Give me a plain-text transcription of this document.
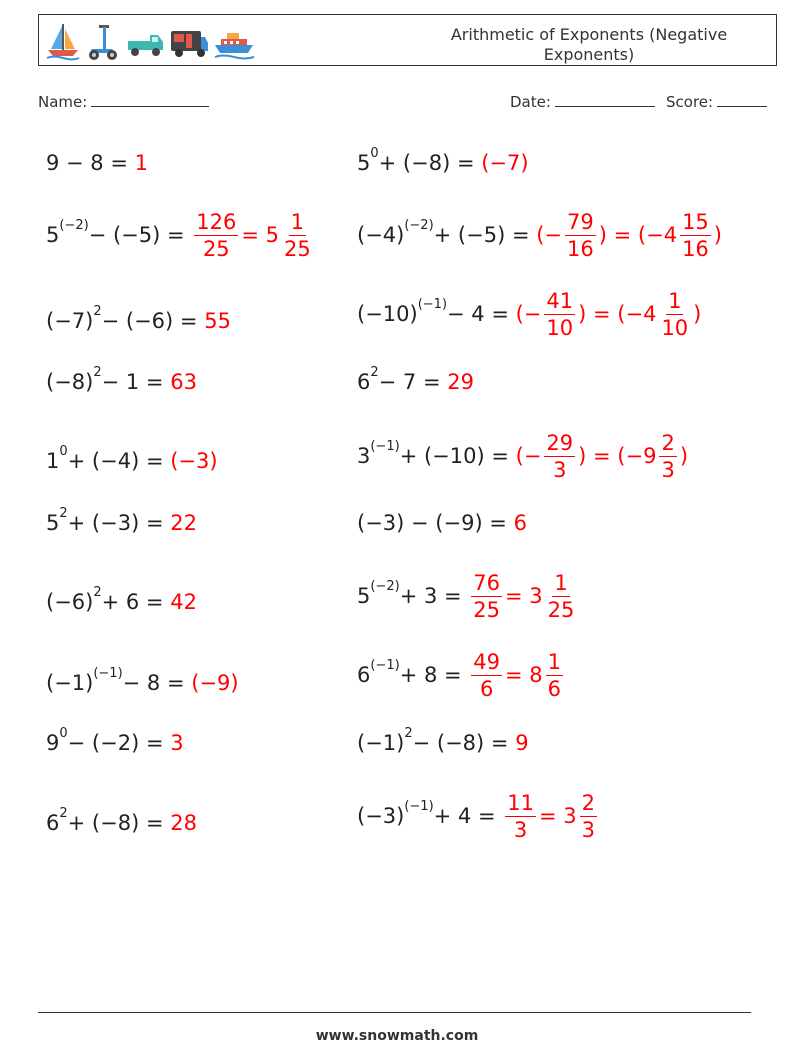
Arithmetic of Exponents (Negative Exponents)
Name:	Date:	Score:
9 − 8 =
1
$5^{(-2)} - (-5)$ =
$\frac{126}{25} = 5 \frac{1}{25}$
$(-7)^2 - (-6)$ =
55
$(-8)^2 - 1$ =
63
$1^0 + (-4)$ =
(−3)
$5^2 + (-3)$ =
22
$(-6)^2 + 6$ =
42
$(-1)^{(-1)} - 8$ =
(−9)
$9^0 - (-2)$ =
3
$6^2 + (-8)$ =
28
$5^0 + (-8)$ =
(−7)
$(-4)^{(-2)} + (-5)$ =
(− $\frac{79}{16}$ ) = ($-4 \frac{15}{16}$ )
$(-10)^{(-1)} - 4$ =
(− $\frac{41}{10}$ ) = ($-4 \frac{1}{10}$ )
$6^2 - 7$ =
29
$3^{(-1)} + (-10)$ =
(− $\frac{29}{3}$ ) = ($-9 \frac{2}{3}$ )
(−3) − (−9) =
6
$5^{(-2)} + 3$ =
$\frac{76}{25} = 3 \frac{1}{25}$
$6^{(-1)} + 8$ =
$\frac{49}{6} = 8 \frac{1}{6}$
$(-1)^2 - (-8)$ =
9
$(-3)^{(-1)} + 4$ =
$\frac{11}{3} = 3 \frac{2}{3}$
www.snowmath.com
